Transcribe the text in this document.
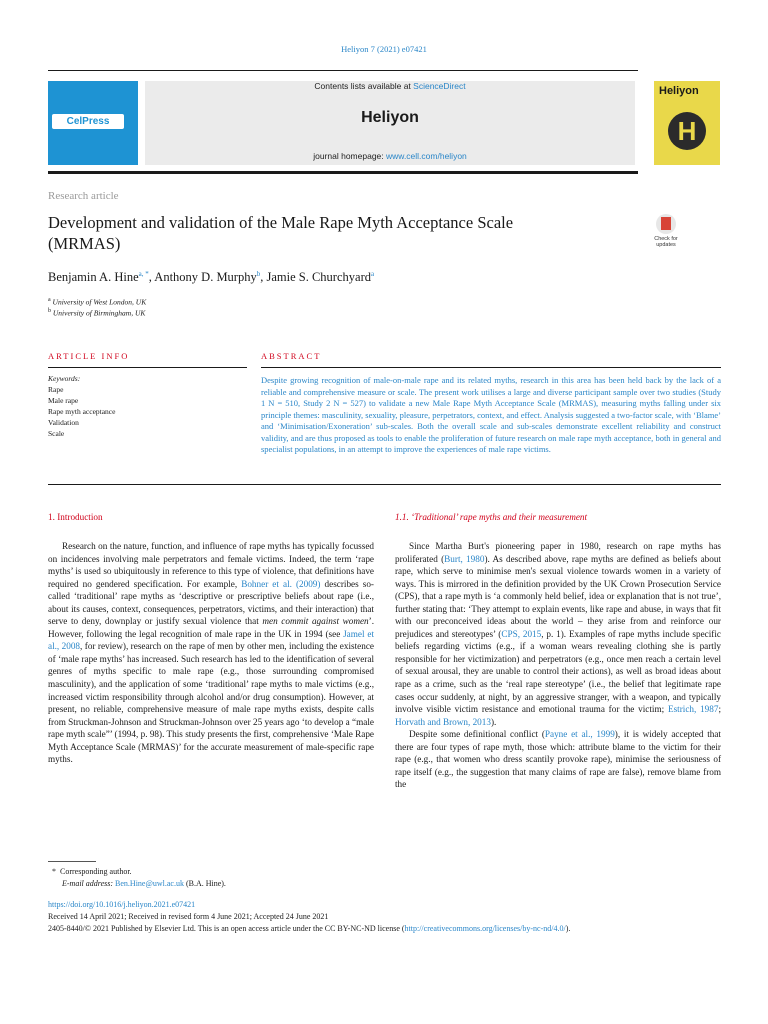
Heliyon 7 (2021) e07421
CelPress
Contents lists available at ScienceDirect
Heliyon
journal homepage: www.cell.com/heliyon
Heliyon
H
Research article
Development and validation of the Male Rape Myth Acceptance Scale (MRMAS)	Check for updates
Benjamin A. Hine$^{a, *}$, Anthony D. Murphy$^b$, Jamie S. Churchyard$^a$
$^a$ University of West London, UK
$^b$ University of Birmingham, UK
ARTICLE INFO	ABSTRACT
Keywords:
Rape
Male rape
Rape myth acceptance
Validation
Scale
Despite growing recognition of male-on-male rape and its related myths, research in this area has been held back by the lack of a reliable and comprehensive measure or scale. The present work utilises a large and diverse participant sample over two studies (Study 1 N = 510, Study 2 N = 527) to validate a new Male Rape Myth Acceptance Scale (MRMAS), measuring myths falling under six principle themes: masculinity, sexuality, pleasure, perpetrators, context, and effect. Analysis suggested a two-factor scale, with ‘Blame’ and ‘Minimisation/Exoneration’ sub-scales. Both the overall scale and sub-scales demonstrate excellent reliability and construct validity, and are thus proposed as tools to enable the proliferation of future research on male rape myth acceptance, both in general and specialist populations, in an attempt to improve the experiences of male rape victims.
1. Introduction

Research on the nature, function, and influence of rape myths has typically focussed on incidences involving male perpetrators and female victims. Indeed, the term ‘rape myths’ is used so ubiquitously in reference to this type of violence, that definitions have required no gendered specification. For example, Bohner et al. (2009) describes so-called ‘traditional’ rape myths as ‘descriptive or prescriptive beliefs about rape (i.e., about its causes, context, consequences, perpetrators, victims, and their interaction) that serve to deny, downplay or justify sexual violence that men commit against women’. However, following the legal recognition of male rape in the UK in 1994 (see Jamel et al., 2008, for review), research on the rape of men by other men, including the existence of ‘male rape myths’ has increased. Such research has led to the identification of several genres of myths specific to male rape (e.g., those surrounding compromised masculinity), and the application of some ‘traditional’ rape myths to male victims (e.g., increased victim responsibility through alcohol and/or drug consumption). However, at present, no reliable, comprehensive measure of male rape myths exists, despite calls from Struckman-Johnson and Struckman-Johnson over 25 years ago ‘to develop a “male rape myth scale”’ (1994, p. 98). This study presents the first, comprehensive ‘Male Rape Myth Acceptance Scale (MRMAS)’ for the accurate measurement of male-specific rape myths.

1.1. ‘Traditional’ rape myths and their measurement

Since Martha Burt's pioneering paper in 1980, research on rape myths has proliferated (Burt, 1980). As described above, rape myths are defined as beliefs about rape, which serve to minimise men's sexual violence towards women in a variety of ways. This is mirrored in the definition provided by the UK Crown Prosecution Service (CPS), that a rape myth is ‘a commonly held belief, idea or explanation that is not true’, further stating that: ‘They attempt to explain events, like rape and abuse, in ways that fit with our preconceived ideas about the world – they arise from and reinforce our prejudices and stereotypes’ (CPS, 2015, p. 1). Examples of rape myths include specific beliefs regarding victims (e.g., if a woman wears revealing clothing she is partly responsible for her victimization) and perpetrators (e.g., once men reach a certain level of sexual arousal, they are unable to control their actions), as well as broad ideas about rape as a crime, such as the ‘real rape stereotype’ (i.e., the belief that legitimate rape cases occur suddenly, at night, by an aggressive stranger, with a weapon, and typically involve visible victim resistance and emotional trauma for the victim; Estrich, 1987; Horvath and Brown, 2013).

Despite some definitional conflict (Payne et al., 1999), it is widely accepted that there are four types of rape myth, those which: attribute blame to the victim for their rape (e.g., that women who dress scantily provoke rape), minimise the seriousness of rape itself (e.g., the suggestion that many claims of rape are false), remove blame from the

* Corresponding author.
E-mail address: Ben.Hine@uwl.ac.uk (B.A. Hine).
https://doi.org/10.1016/j.heliyon.2021.e07421
Received 14 April 2021; Received in revised form 4 June 2021; Accepted 24 June 2021
2405-8440/© 2021 Published by Elsevier Ltd. This is an open access article under the CC BY-NC-ND license (http://creativecommons.org/licenses/by-nc-nd/4.0/).
